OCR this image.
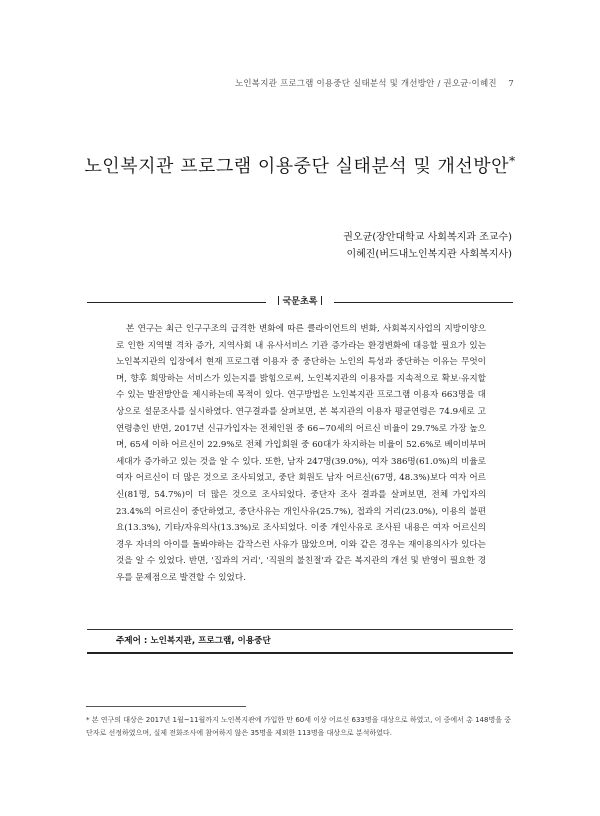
노인복지관 프로그램 이용중단 실태분석 및 개선방안 / 권오균·이혜진 7
노인복지관 프로그램 이용중단 실태분석 및 개선방안*
권오균(장안대학교 사회복지과 조교수)
이혜진(버드내노인복지관 사회복지사)
국문초록
본 연구는 최근 인구구조의 급격한 변화에 따른 클라이언트의 변화, 사회복지사업의 지방이양으로 인한 지역별 격차 증가, 지역사회 내 유사서비스 기관 증가라는 환경변화에 대응할 필요가 있는 노인복지관의 입장에서 현재 프로그램 이용자 중 중단하는 노인의 특성과 중단하는 이유는 무엇이며, 향후 희망하는 서비스가 있는지를 밝힘으로써, 노인복지관의 이용자를 지속적으로 확보·유지할 수 있는 발전방안을 제시하는데 목적이 있다. 연구방법은 노인복지관 프로그램 이용자 663명을 대상으로 설문조사를 실시하였다. 연구결과를 살펴보면, 본 복지관의 이용자 평균연령은 74.9세로 고연령층인 반면, 2017년 신규가입자는 전체인원 중 66~70세의 어르신 비율이 29.7%로 가장 높으며, 65세 이하 어르신이 22.9%로 전체 가입회원 중 60대가 차지하는 비율이 52.6%로 베이비부머 세대가 증가하고 있는 것을 알 수 있다. 또한, 남자 247명(39.0%), 여자 386명(61.0%)의 비율로 여자 어르신이 더 많은 것으로 조사되었고, 중단 회원도 남자 어르신(67명, 48.3%)보다 여자 어르신(81명, 54.7%)이 더 많은 것으로 조사되었다. 중단자 조사 결과를 살펴보면, 전체 가입자의 23.4%의 어르신이 중단하였고, 중단사유는 개인사유(25.7%), 접과의 거리(23.0%), 이용의 불편요(13.3%), 기타/자유의사(13.3%)로 조사되었다. 이중 개인사유로 조사된 내용은 여자 어르신의 경우 자녀의 아이를 돌봐야하는 갑작스런 사유가 많았으며, 이와 같은 경우는 재이용의사가 있다는 것을 알 수 있었다. 반면, '집과의 거리', '직원의 불친절'과 같은 복지관의 개선 및 반영이 필요한 경우를 문제점으로 발견할 수 있었다.
주제어 : 노인복지관, 프로그램, 이용중단
* 본 연구의 대상은 2017년 1월~11월까지 노인복지관에 가입한 만 60세 이상 어르신 633명을 대상으로 하였고, 이 중에서 총 148명을 중단자로 선정하였으며, 실제 전화조사에 참여하지 않은 35명을 제외한 113명을 대상으로 분석하였다.
